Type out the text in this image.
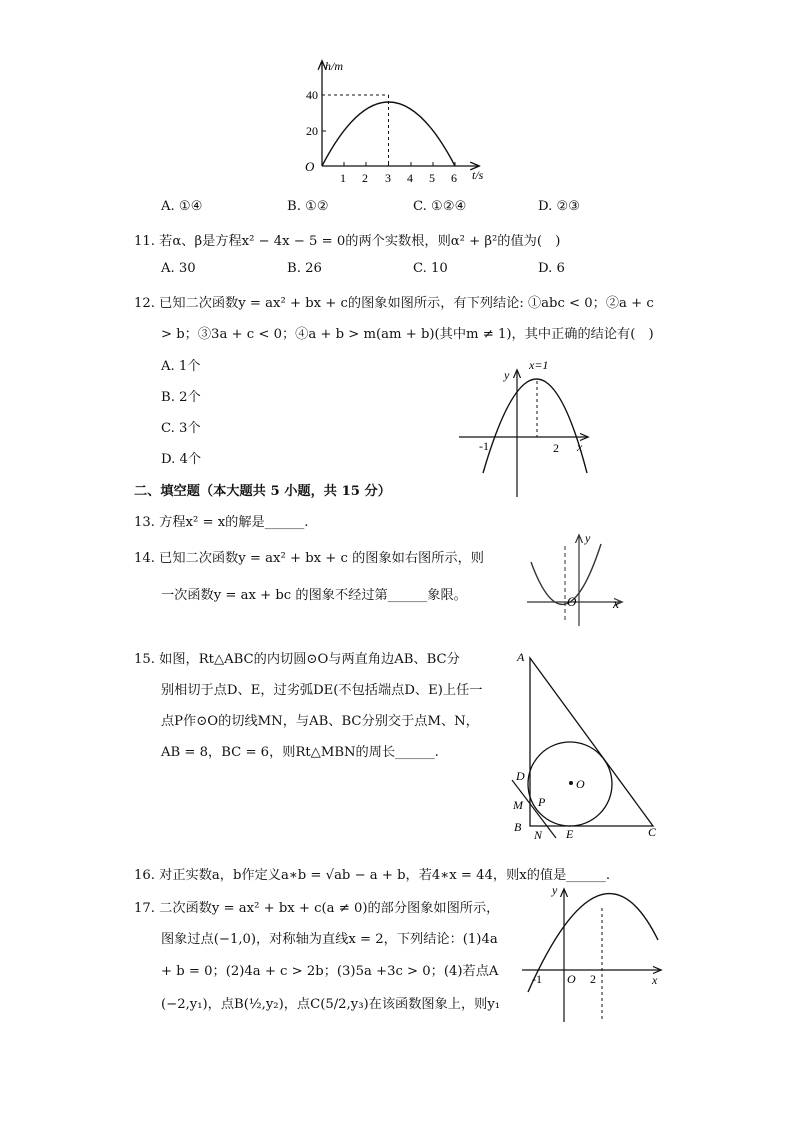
h/m
t/s
O
20
40
1 2 3 4 5 6
A. ①④	B. ①②	C. ①②④	D. ②③
11. 若α、β是方程x² − 4x − 5 = 0的两个实数根，则α² + β²的值为(　)
A. 30	B. 26	C. 10	D. 6
12. 已知二次函数y = ax² + bx + c的图象如图所示，有下列结论: ①abc < 0；②a + c
> b；③3a + c < 0；④a + b > m(am + b)(其中m ≠ 1)，其中正确的结论有(　)
A. 1个
B. 2个
C. 3个
D. 4个
x=1
y
x
-1	2
二、填空题（本大题共 5 小题，共 15 分）
13. 方程x² = x的解是______.
14. 已知二次函数y = ax² + bx + c 的图象如右图所示，则
一次函数y = ax + bc 的图象不经过第______象限。
y
x
O
15. 如图，Rt△ABC的内切圆⊙O与两直角边AB、BC分
别相切于点D、E，过劣弧DE(不包括端点D、E)上任一
点P作⊙O的切线MN，与AB、BC分别交于点M、N，
AB = 8，BC = 6，则Rt△MBN的周长______.
A
B	C
D
E
M
N
P
O
16. 对正实数a，b作定义a∗b = √ab − a + b，若4∗x = 44，则x的值是______.
17. 二次函数y = ax² + bx + c(a ≠ 0)的部分图象如图所示，
图象过点(−1,0)，对称轴为直线x = 2，下列结论：(1)4a
+ b = 0；(2)4a + c > 2b；(3)5a +3c > 0；(4)若点A
(−2,y₁)，点B(½,y₂)，点C(5/2,y₃)在该函数图象上，则y₁
y
x
-1 O 2
